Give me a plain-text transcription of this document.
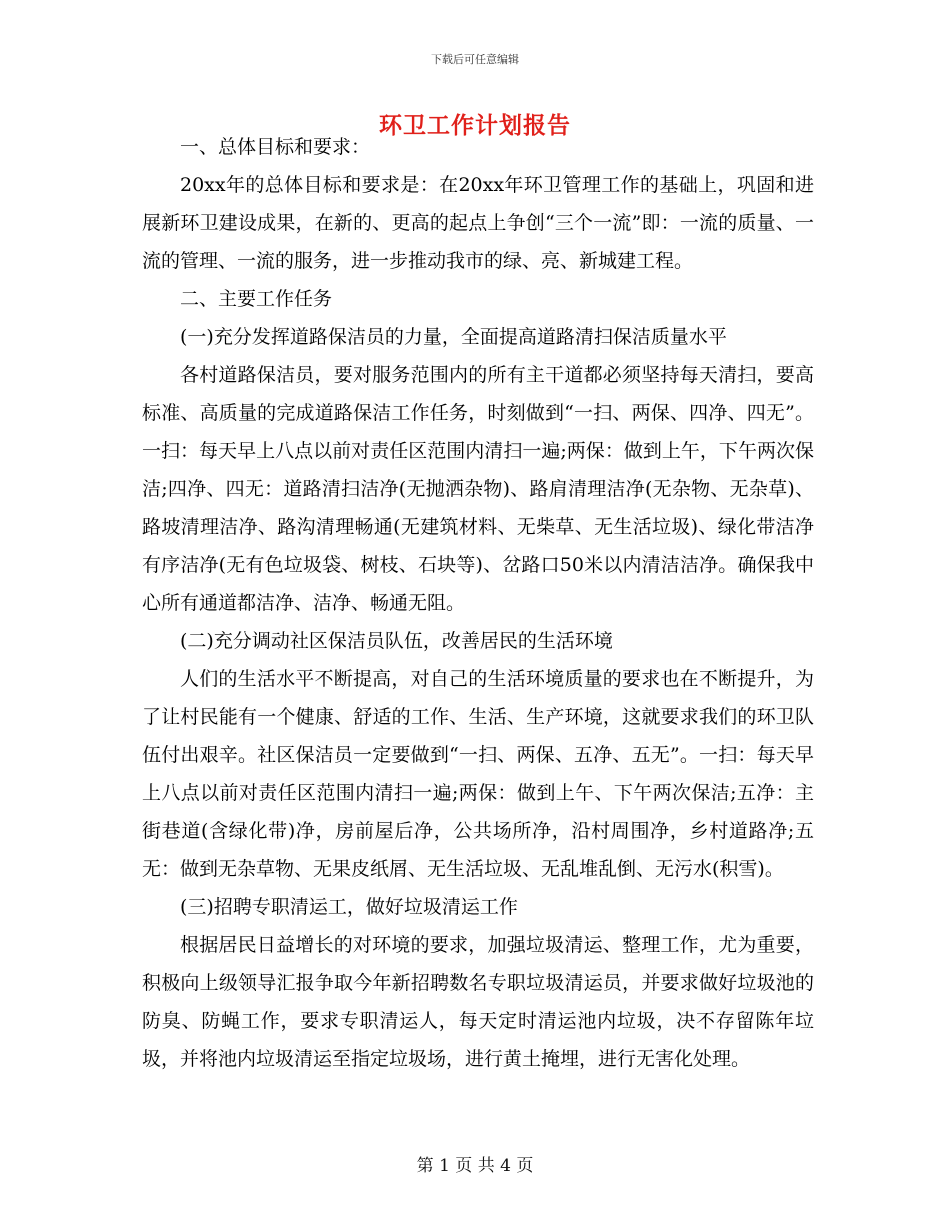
下载后可任意编辑
环卫工作计划报告

一、总体目标和要求：

20xx年的总体目标和要求是：在20xx年环卫管理工作的基础上，巩固和进展新环卫建设成果，在新的、更高的起点上争创“三个一流”即：一流的质量、一流的管理、一流的服务，进一步推动我市的绿、亮、新城建工程。

二、主要工作任务

(一)充分发挥道路保洁员的力量，全面提高道路清扫保洁质量水平

各村道路保洁员，要对服务范围内的所有主干道都必须坚持每天清扫，要高标准、高质量的完成道路保洁工作任务，时刻做到“一扫、两保、四净、四无”。一扫：每天早上八点以前对责任区范围内清扫一遍;两保：做到上午，下午两次保洁;四净、四无：道路清扫洁净(无抛洒杂物)、路肩清理洁净(无杂物、无杂草)、路坡清理洁净、路沟清理畅通(无建筑材料、无柴草、无生活垃圾)、绿化带洁净有序洁净(无有色垃圾袋、树枝、石块等)、岔路口50米以内清洁洁净。确保我中心所有通道都洁净、洁净、畅通无阻。

(二)充分调动社区保洁员队伍，改善居民的生活环境

人们的生活水平不断提高，对自己的生活环境质量的要求也在不断提升，为了让村民能有一个健康、舒适的工作、生活、生产环境，这就要求我们的环卫队伍付出艰辛。社区保洁员一定要做到“一扫、两保、五净、五无”。一扫：每天早上八点以前对责任区范围内清扫一遍;两保：做到上午、下午两次保洁;五净：主街巷道(含绿化带)净，房前屋后净，公共场所净，沿村周围净，乡村道路净;五无：做到无杂草物、无果皮纸屑、无生活垃圾、无乱堆乱倒、无污水(积雪)。

(三)招聘专职清运工，做好垃圾清运工作

根据居民日益增长的对环境的要求，加强垃圾清运、整理工作，尤为重要，积极向上级领导汇报争取今年新招聘数名专职垃圾清运员，并要求做好垃圾池的防臭、防蝇工作，要求专职清运人，每天定时清运池内垃圾，决不存留陈年垃圾，并将池内垃圾清运至指定垃圾场，进行黄土掩埋，进行无害化处理。

第 1 页 共 4 页
